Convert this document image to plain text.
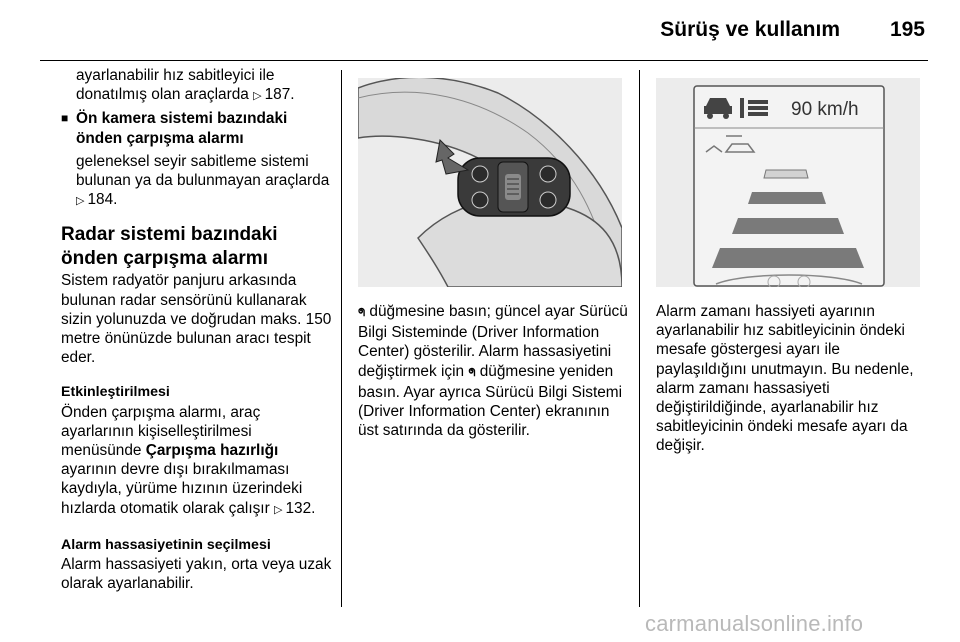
Sürüş ve kullanım	195

ayarlanabilir hız sabitleyici ile donatılmış olan araçlarda ▷ 187.

■ Ön kamera sistemi bazındaki önden çarpışma alarmı

geleneksel seyir sabitleme sistemi bulunan ya da bulunmayan araçlarda ▷ 184.

Radar sistemi bazındaki önden çarpışma alarmı

Sistem radyatör panjuru arkasında bulunan radar sensörünü kullanarak sizin yolunuzda ve doğrudan maks. 150 metre önünüzde bulunan aracı tespit eder.

Etkinleştirilmesi

Önden çarpışma alarmı, araç ayarlarının kişiselleştirilmesi menüsünde Çarpışma hazırlığı ayarının devre dışı bırakılmaması kaydıyla, yürüme hızının üzerindeki hızlarda otomatik olarak çalışır ▷ 132.

Alarm hassasiyetinin seçilmesi

Alarm hassasiyeti yakın, orta veya uzak olarak ayarlanabilir.

ᖗ düğmesine basın; güncel ayar Sürücü Bilgi Sisteminde (Driver Information Center) gösterilir. Alarm hassasiyetini değiştirmek için ᖗ düğmesine yeniden basın. Ayar ayrıca Sürücü Bilgi Sistemi (Driver Information Center) ekranının üst satırında da gösterilir.

90 km/h

Alarm zamanı hassiyeti ayarının ayarlanabilir hız sabitleyicinin öndeki mesafe göstergesi ayarı ile paylaşıldığını unutmayın. Bu nedenle, alarm zamanı hassasiyeti değiştirildiğinde, ayarlanabilir hız sabitleyicinin öndeki mesafe ayarı da değişir.

carmanualsonline.info
